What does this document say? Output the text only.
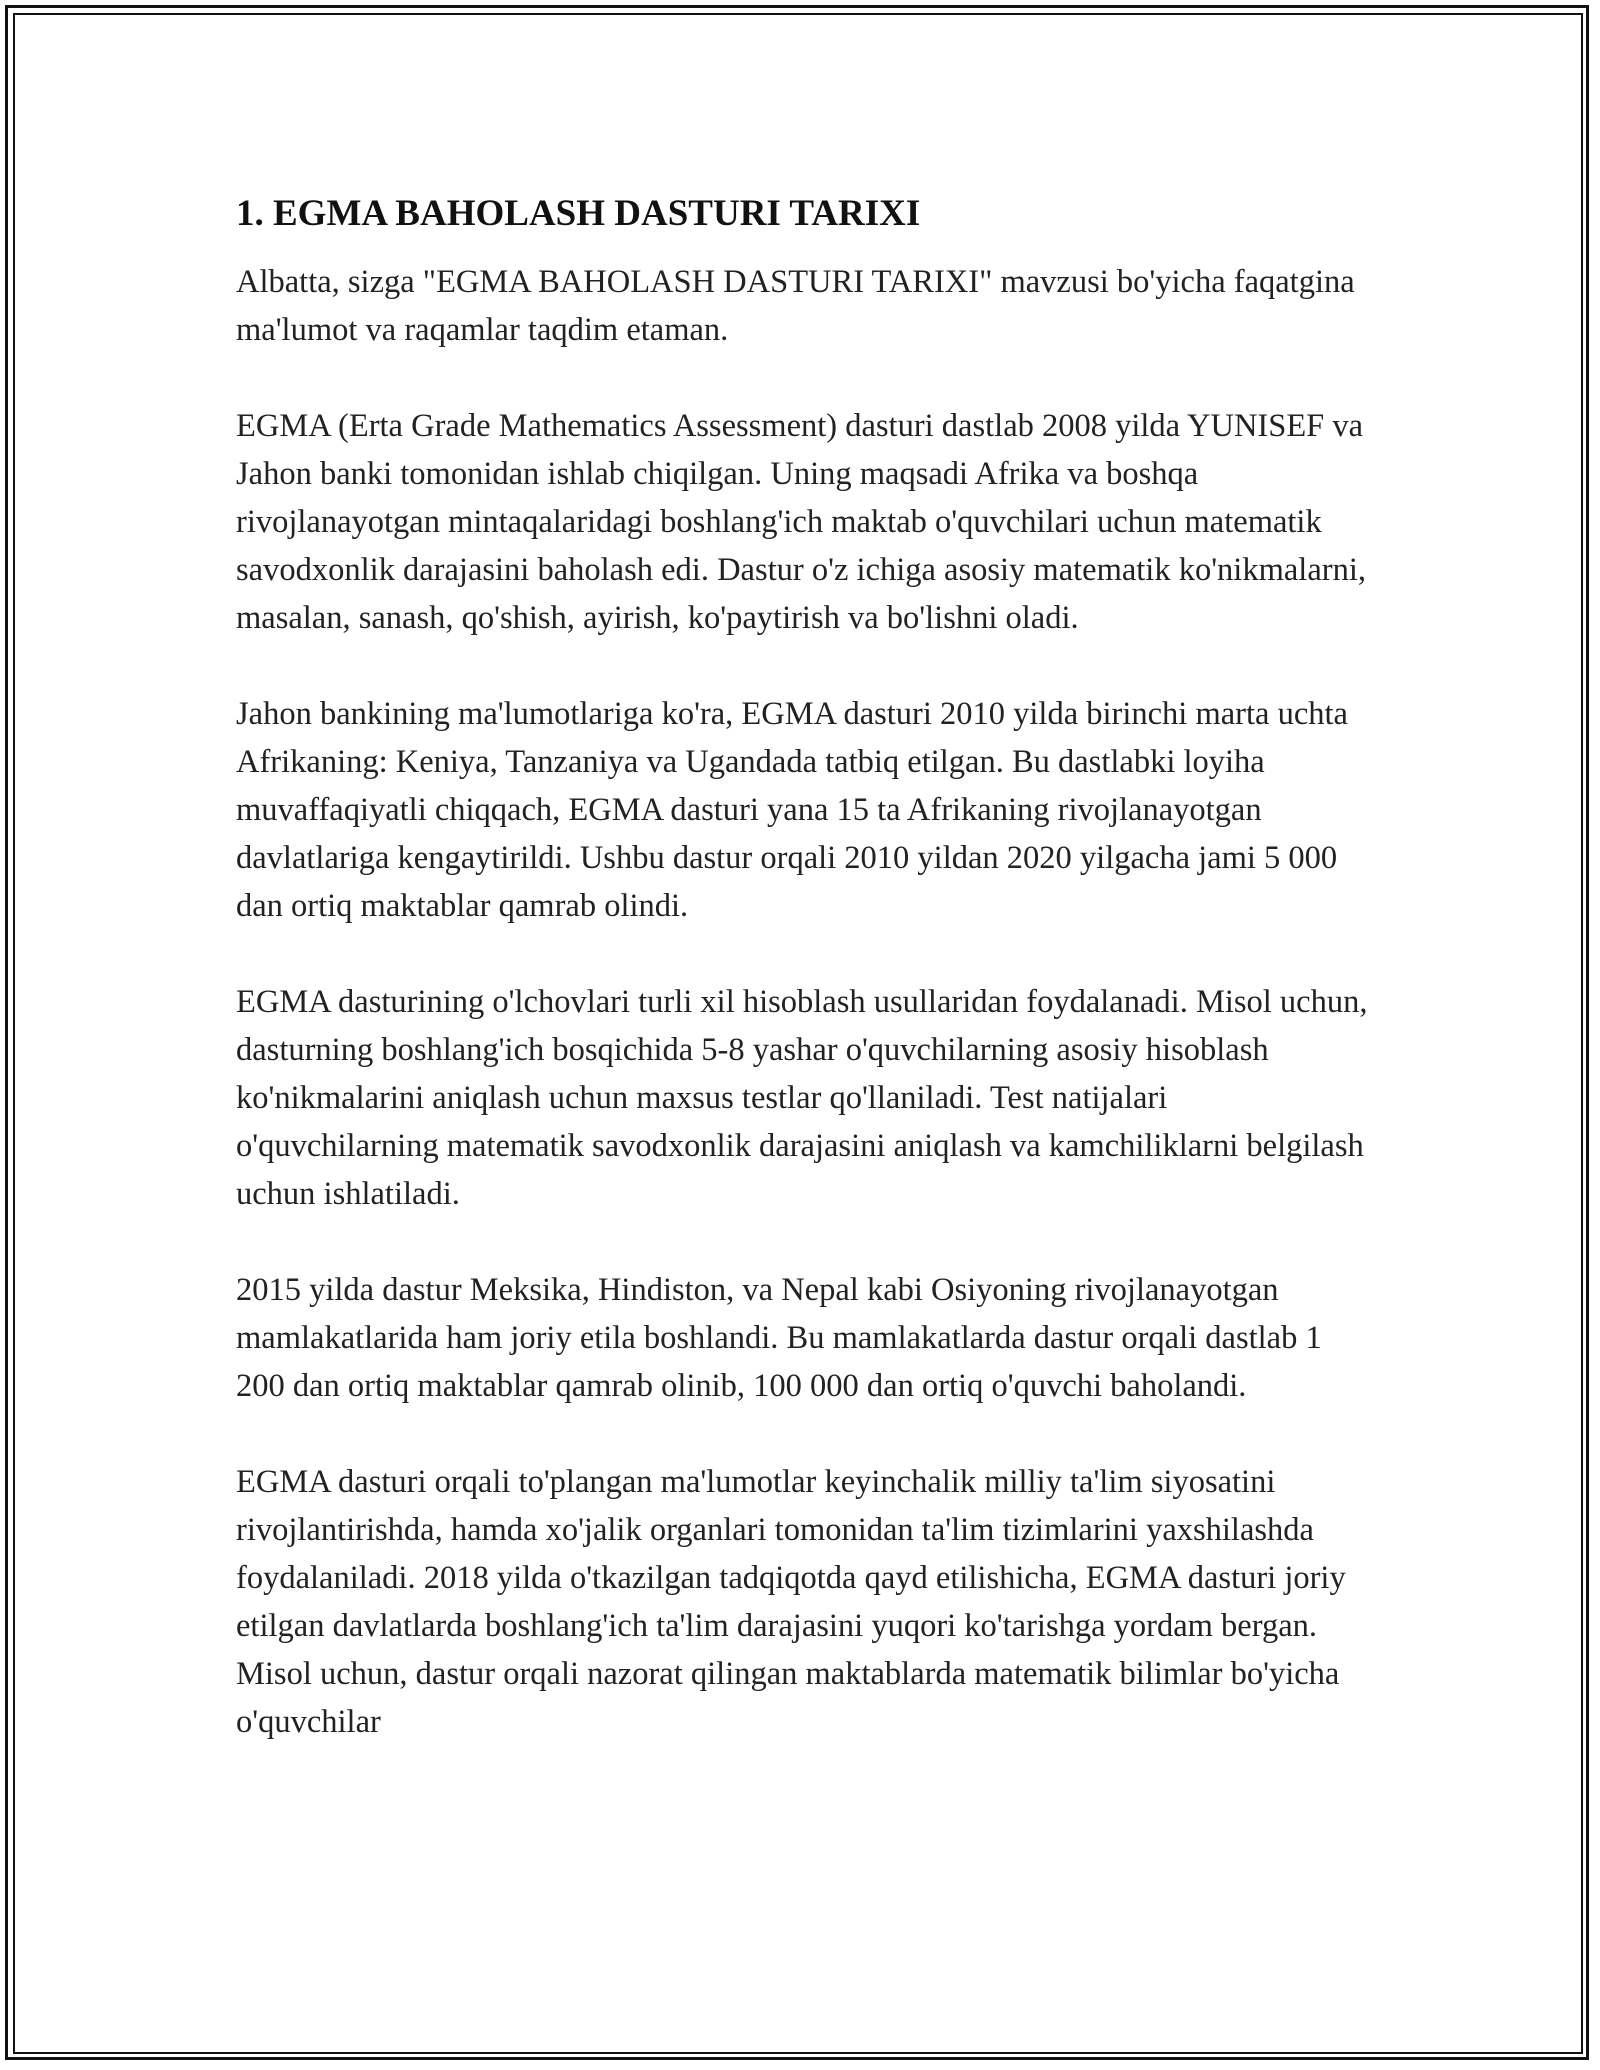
1. EGMA BAHOLASH DASTURI TARIXI

Albatta, sizga "EGMA BAHOLASH DASTURI TARIXI" mavzusi bo'yicha faqatgina ma'lumot va raqamlar taqdim etaman.

EGMA (Erta Grade Mathematics Assessment) dasturi dastlab 2008 yilda YUNISEF va Jahon banki tomonidan ishlab chiqilgan. Uning maqsadi Afrika va boshqa rivojlanayotgan mintaqalaridagi boshlang'ich maktab o'quvchilari uchun matematik savodxonlik darajasini baholash edi. Dastur o'z ichiga asosiy matematik ko'nikmalarni, masalan, sanash, qo'shish, ayirish, ko'paytirish va bo'lishni oladi.

Jahon bankining ma'lumotlariga ko'ra, EGMA dasturi 2010 yilda birinchi marta uchta Afrikaning: Keniya, Tanzaniya va Ugandada tatbiq etilgan. Bu dastlabki loyiha muvaffaqiyatli chiqqach, EGMA dasturi yana 15 ta Afrikaning rivojlanayotgan davlatlariga kengaytirildi. Ushbu dastur orqali 2010 yildan 2020 yilgacha jami 5 000 dan ortiq maktablar qamrab olindi.

EGMA dasturining o'lchovlari turli xil hisoblash usullaridan foydalanadi. Misol uchun, dasturning boshlang'ich bosqichida 5-8 yashar o'quvchilarning asosiy hisoblash ko'nikmalarini aniqlash uchun maxsus testlar qo'llaniladi. Test natijalari o'quvchilarning matematik savodxonlik darajasini aniqlash va kamchiliklarni belgilash uchun ishlatiladi.

2015 yilda dastur Meksika, Hindiston, va Nepal kabi Osiyoning rivojlanayotgan mamlakatlarida ham joriy etila boshlandi. Bu mamlakatlarda dastur orqali dastlab 1 200 dan ortiq maktablar qamrab olinib, 100 000 dan ortiq o'quvchi baholandi.

EGMA dasturi orqali to'plangan ma'lumotlar keyinchalik milliy ta'lim siyosatini rivojlantirishda, hamda xo'jalik organlari tomonidan ta'lim tizimlarini yaxshilashda foydalaniladi. 2018 yilda o'tkazilgan tadqiqotda qayd etilishicha, EGMA dasturi joriy etilgan davlatlarda boshlang'ich ta'lim darajasini yuqori ko'tarishga yordam bergan. Misol uchun, dastur orqali nazorat qilingan maktablarda matematik bilimlar bo'yicha o'quvchilar
